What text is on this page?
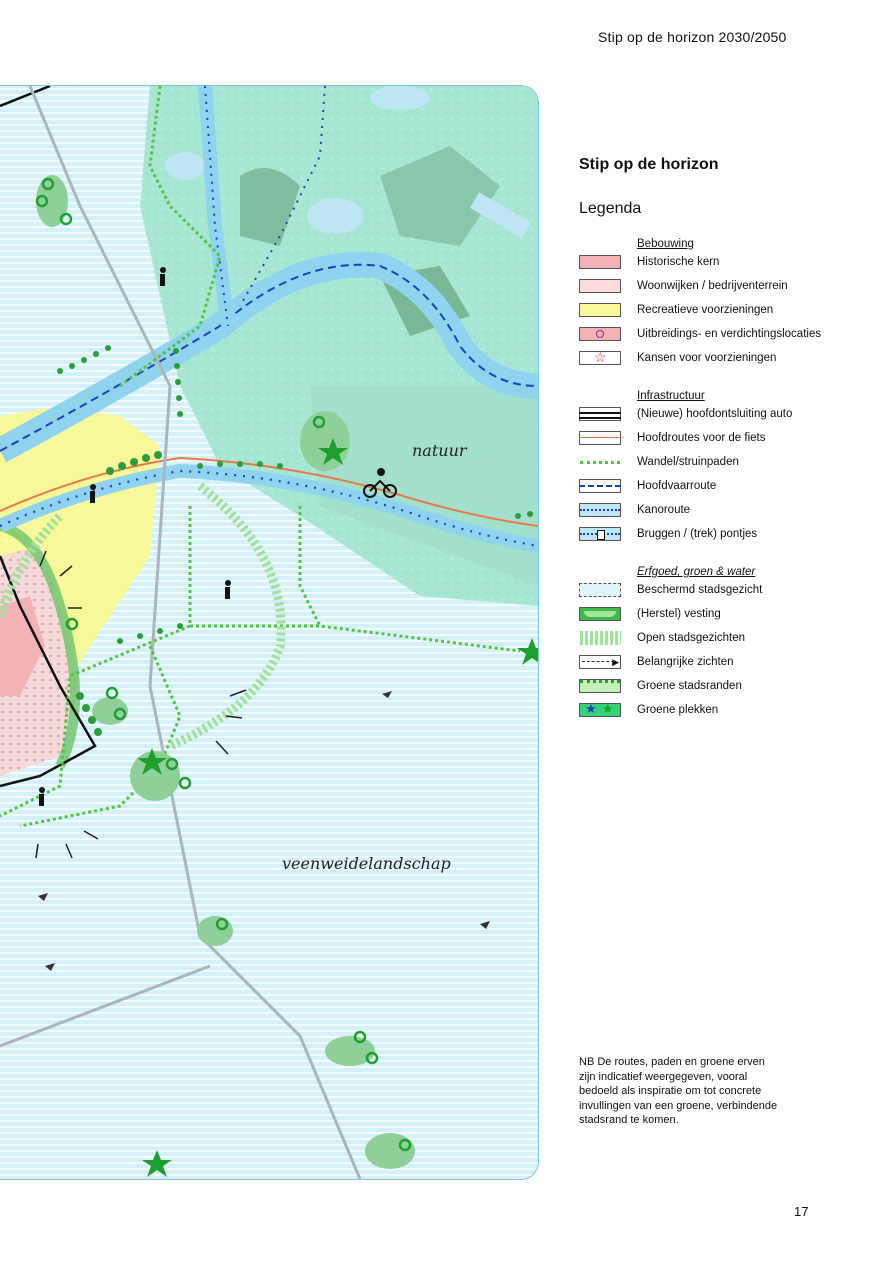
Stip op de horizon 2030/2050
natuur
veenweidelandschap
Stip op de horizon
Legenda
Bebouwing
Historische kern
Woonwijken / bedrijventerrein
Recreatieve voorzieningen
Uitbreidings- en verdichtingslocaties
☆	Kansen voor voorzieningen
Infrastructuur
(Nieuwe) hoofdontsluiting auto
Hoofdroutes voor de fiets
Wandel/struinpaden
Hoofdvaarroute
Kanoroute
Bruggen / (trek) pontjes
Erfgoed, groen & water
Beschermd stadsgezicht
(Herstel) vesting
Open stadsgezichten
▶ Belangrijke zichten
Groene stadsranden
★ ★ Groene plekken
NB De routes, paden en groene erven zijn indicatief weergegeven, vooral bedoeld als inspiratie om tot concrete invullingen van een groene, verbindende stadsrand te komen.
17
